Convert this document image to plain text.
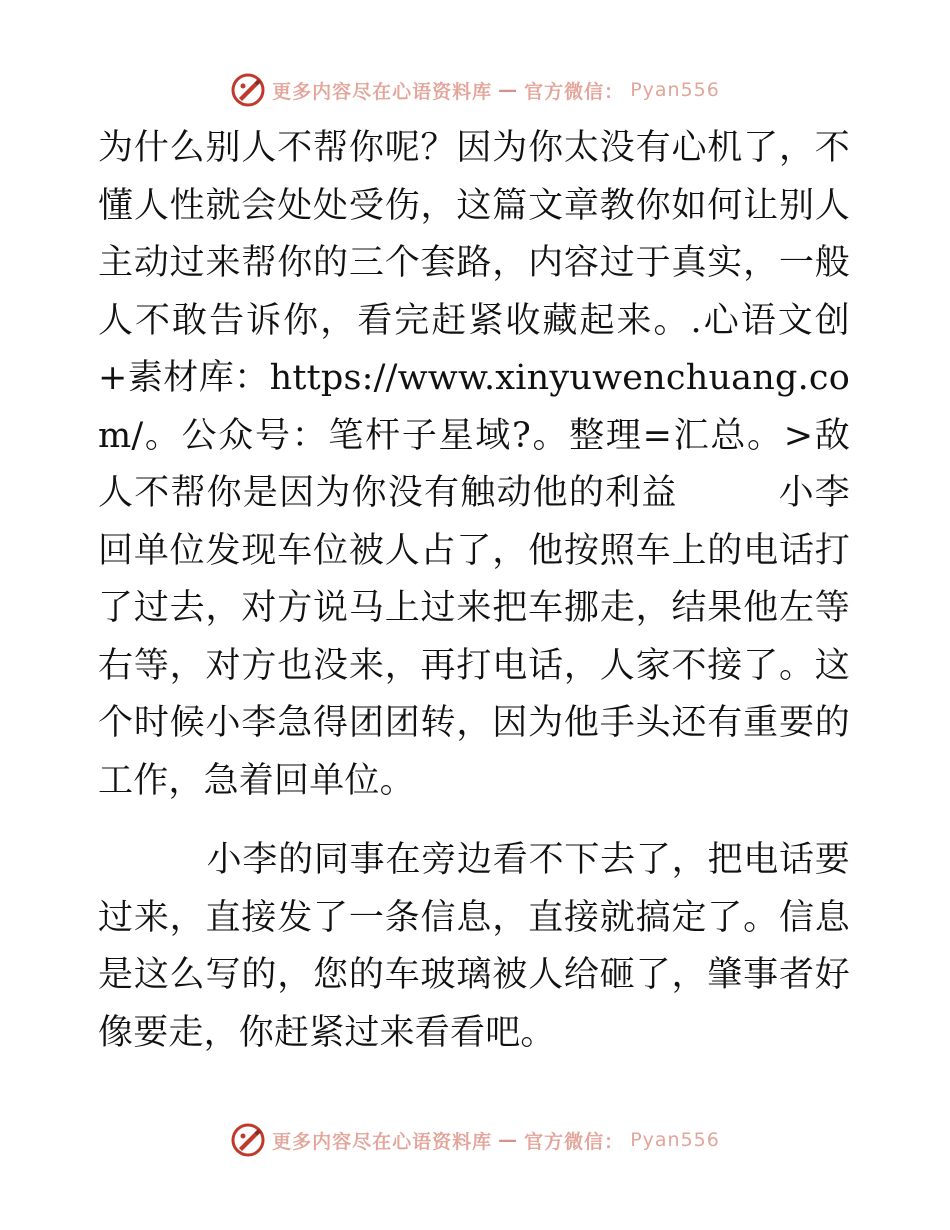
更多内容尽在心语资料库 — 官方微信： Pyan556

为什么别人不帮你呢？因为你太没有心机了，不懂人性就会处处受伤，这篇文章教你如何让别人主动过来帮你的三个套路，内容过于真实，一般人不敢告诉你，看完赶紧收藏起来。.心语文创+素材库：https://www.xinyuwenchuang.com/。公众号：笔杆子星域?。整理=汇总。>敌人不帮你是因为你没有触动他的利益	小李回单位发现车位被人占了，他按照车上的电话打了过去，对方说马上过来把车挪走，结果他左等右等，对方也没来，再打电话，人家不接了。这个时候小李急得团团转，因为他手头还有重要的工作，急着回单位。

小李的同事在旁边看不下去了，把电话要过来，直接发了一条信息，直接就搞定了。信息是这么写的，您的车玻璃被人给砸了，肇事者好像要走，你赶紧过来看看吧。

更多内容尽在心语资料库 — 官方微信： Pyan556
